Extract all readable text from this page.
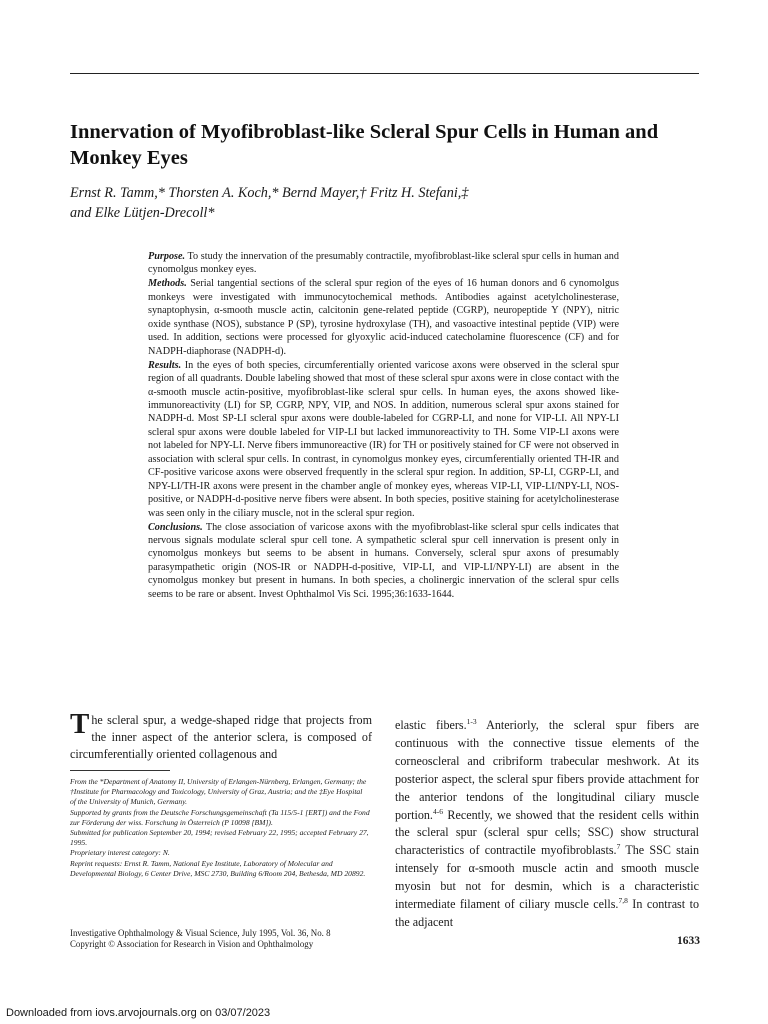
Innervation of Myofibroblast-like Scleral Spur Cells in Human and Monkey Eyes
Ernst R. Tamm,* Thorsten A. Koch,* Bernd Mayer,† Fritz H. Stefani,‡
and Elke Lütjen-Drecoll*

Purpose. To study the innervation of the presumably contractile, myofibroblast-like scleral spur cells in human and cynomolgus monkey eyes.

Methods. Serial tangential sections of the scleral spur region of the eyes of 16 human donors and 6 cynomolgus monkeys were investigated with immunocytochemical methods. Antibodies against acetylcholinesterase, synaptophysin, α-smooth muscle actin, calcitonin gene-related peptide (CGRP), neuropeptide Y (NPY), nitric oxide synthase (NOS), substance P (SP), tyrosine hydroxylase (TH), and vasoactive intestinal peptide (VIP) were used. In addition, sections were processed for glyoxylic acid-induced catecholamine fluorescence (CF) and for NADPH-diaphorase (NADPH-d).

Results. In the eyes of both species, circumferentially oriented varicose axons were observed in the scleral spur region of all quadrants. Double labeling showed that most of these scleral spur axons were in close contact with the α-smooth muscle actin-positive, myofibroblast-like scleral spur cells. In human eyes, the axons showed like-immunoreactivity (LI) for SP, CGRP, NPY, VIP, and NOS. In addition, numerous scleral spur axons stained for NADPH-d. Most SP-LI scleral spur axons were double-labeled for CGRP-LI, and none for VIP-LI. All NPY-LI scleral spur axons were double labeled for VIP-LI but lacked immunoreactivity to TH. Some VIP-LI axons were not labeled for NPY-LI. Nerve fibers immunoreactive (IR) for TH or positively stained for CF were not observed in association with scleral spur cells. In contrast, in cynomolgus monkey eyes, circumferentially oriented TH-IR and CF-positive varicose axons were observed frequently in the scleral spur region. In addition, SP-LI, CGRP-LI, and NPY-LI/TH-IR axons were present in the chamber angle of monkey eyes, whereas VIP-LI, VIP-LI/NPY-LI, NOS-positive, or NADPH-d-positive nerve fibers were absent. In both species, positive staining for acetylcholinesterase was seen only in the ciliary muscle, not in the scleral spur region.

Conclusions. The close association of varicose axons with the myofibroblast-like scleral spur cells indicates that nervous signals modulate scleral spur cell tone. A sympathetic scleral spur cell innervation is present only in cynomolgus monkeys but seems to be absent in humans. Conversely, scleral spur axons of presumably parasympathetic origin (NOS-IR or NADPH-d-positive, VIP-LI, and VIP-LI/NPY-LI) are absent in the cynomolgus monkey but present in humans. In both species, a cholinergic innervation of the scleral spur cells seems to be rare or absent. Invest Ophthalmol Vis Sci. 1995;36:1633-1644.

The scleral spur, a wedge-shaped ridge that projects from the inner aspect of the anterior sclera, is composed of circumferentially oriented collagenous and

From the *Department of Anatomy II, University of Erlangen-Nürnberg, Erlangen, Germany; the †Institute for Pharmacology and Toxicology, University of Graz, Austria; and the ‡Eye Hospital of the University of Munich, Germany.
Supported by grants from the Deutsche Forschungsgemeinschaft (Ta 115/5-1 [ERT]) and the Fond zur Förderung der wiss. Forschung in Österreich (P 10098 [BM]).
Submitted for publication September 20, 1994; revised February 22, 1995; accepted February 27, 1995.
Proprietary interest category: N.
Reprint requests: Ernst R. Tamm, National Eye Institute, Laboratory of Molecular and Developmental Biology, 6 Center Drive, MSC 2730, Building 6/Room 204, Bethesda, MD 20892.

elastic fibers.$^{1-3}$ Anteriorly, the scleral spur fibers are continuous with the connective tissue elements of the corneoscleral and cribriform trabecular meshwork. At its posterior aspect, the scleral spur fibers provide attachment for the anterior tendons of the longitudinal ciliary muscle portion.$^{4-6}$ Recently, we showed that the resident cells within the scleral spur (scleral spur cells; SSC) show structural characteristics of contractile myofibroblasts.$^7$ The SSC stain intensely for α-smooth muscle actin and smooth muscle myosin but not for desmin, which is a characteristic intermediate filament of ciliary muscle cells.$^{7,8}$ In contrast to the adjacent

Investigative Ophthalmology & Visual Science, July 1995, Vol. 36, No. 8
Copyright © Association for Research in Vision and Ophthalmology	1633
Downloaded from iovs.arvojournals.org on 03/07/2023
